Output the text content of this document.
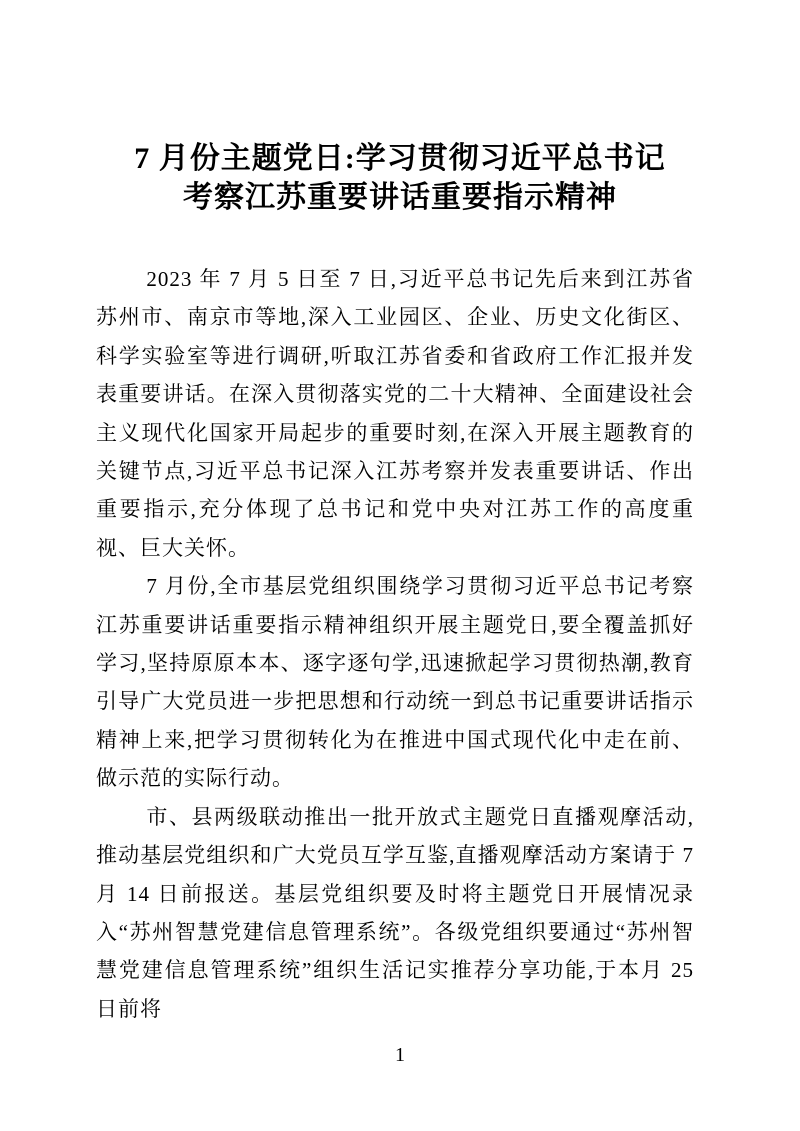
7 月份主题党日:学习贯彻习近平总书记
考察江苏重要讲话重要指示精神

2023 年 7 月 5 日至 7 日,习近平总书记先后来到江苏省苏州市、南京市等地,深入工业园区、企业、历史文化街区、科学实验室等进行调研,听取江苏省委和省政府工作汇报并发表重要讲话。在深入贯彻落实党的二十大精神、全面建设社会主义现代化国家开局起步的重要时刻,在深入开展主题教育的关键节点,习近平总书记深入江苏考察并发表重要讲话、作出重要指示,充分体现了总书记和党中央对江苏工作的高度重视、巨大关怀。

7 月份,全市基层党组织围绕学习贯彻习近平总书记考察江苏重要讲话重要指示精神组织开展主题党日,要全覆盖抓好学习,坚持原原本本、逐字逐句学,迅速掀起学习贯彻热潮,教育引导广大党员进一步把思想和行动统一到总书记重要讲话指示精神上来,把学习贯彻转化为在推进中国式现代化中走在前、做示范的实际行动。

市、县两级联动推出一批开放式主题党日直播观摩活动,推动基层党组织和广大党员互学互鉴,直播观摩活动方案请于 7 月 14 日前报送。基层党组织要及时将主题党日开展情况录入“苏州智慧党建信息管理系统”。各级党组织要通过“苏州智慧党建信息管理系统”组织生活记实推荐分享功能,于本月 25 日前将

1
